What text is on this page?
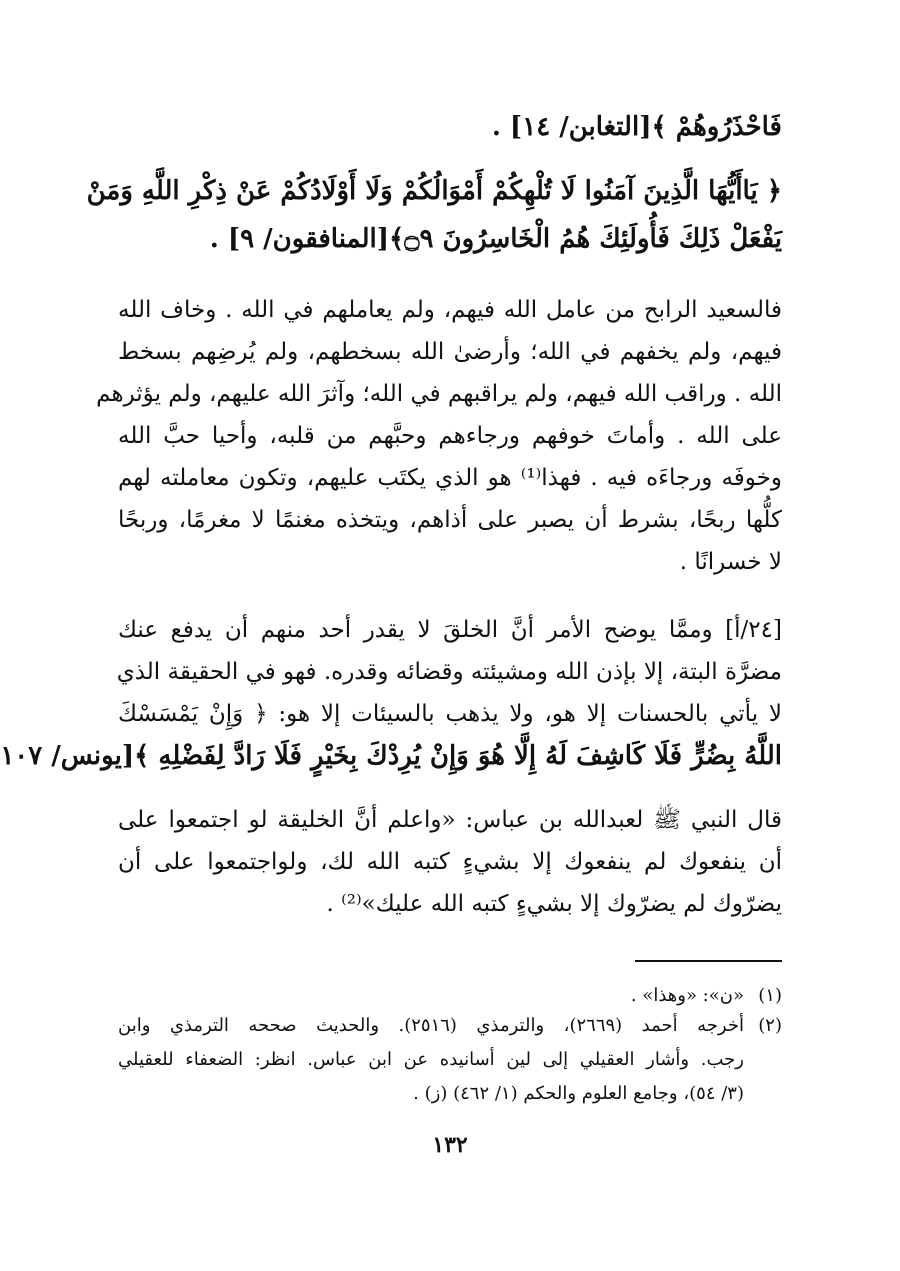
فَاحْذَرُوهُمْ ﴾[التغابن/ ١٤] .
﴿ يَاأَيُّهَا الَّذِينَ آمَنُوا لَا تُلْهِكُمْ أَمْوَالُكُمْ وَلَا أَوْلَادُكُمْ عَنْ ذِكْرِ اللَّهِ وَمَنْ
يَفْعَلْ ذَلِكَ فَأُولَئِكَ هُمُ الْخَاسِرُونَ ۝٩﴾[المنافقون/ ٩] .
فالسعيد الرابح من عامل الله فيهم، ولم يعاملهم في الله . وخاف الله
فيهم، ولم يخفهم في الله؛ وأرضىٰ الله بسخطهم، ولم يُرضِهم بسخط
الله . وراقب الله فيهم، ولم يراقبهم في الله؛ وآثرَ الله عليهم، ولم يؤثرهم
على الله . وأماتَ خوفهم ورجاءهم وحبَّهم من قلبه، وأحيا حبَّ الله
وخوفَه ورجاءَه فيه . فهذا⁽¹⁾ هو الذي يكتَب عليهم، وتكون معاملته لهم
كلُّها ربحًا، بشرط أن يصبر على أذاهم، ويتخذه مغنمًا لا مغرمًا، وربحًا
لا خسرانًا .
[٢٤/أ] وممَّا يوضح الأمر أنَّ الخلقَ لا يقدر أحد منهم أن يدفع عنك
مضرَّة البتة، إلا بإذن الله ومشيئته وقضائه وقدره. فهو في الحقيقة الذي
لا يأتي بالحسنات إلا هو، ولا يذهب بالسيئات إلا هو: ﴿ وَإِنْ يَمْسَسْكَ
اللَّهُ بِضُرٍّ فَلَا كَاشِفَ لَهُ إِلَّا هُوَ وَإِنْ يُرِدْكَ بِخَيْرٍ فَلَا رَادَّ لِفَضْلِهِ ﴾[يونس/ ١٠٧
قال النبي ﷺ لعبدالله بن عباس: «واعلم أنَّ الخليقة لو اجتمعوا على
أن ينفعوك لم ينفعوك إلا بشيءٍ كتبه الله لك، ولواجتمعوا على أن
يضرّوك لم يضرّوك إلا بشيءٍ كتبه الله عليك»⁽²⁾ .
(١)«ن»: «وهذا» .
(٢)أخرجه أحمد (٢٦٦٩)، والترمذي (٢٥١٦). والحديث صححه الترمذي وابن
رجب. وأشار العقيلي إلى لين أسانيده عن ابن عباس. انظر: الضعفاء للعقيلي
(٣/ ٥٤)، وجامع العلوم والحكم (١/ ٤٦٢) (ز) .
١٣٢
